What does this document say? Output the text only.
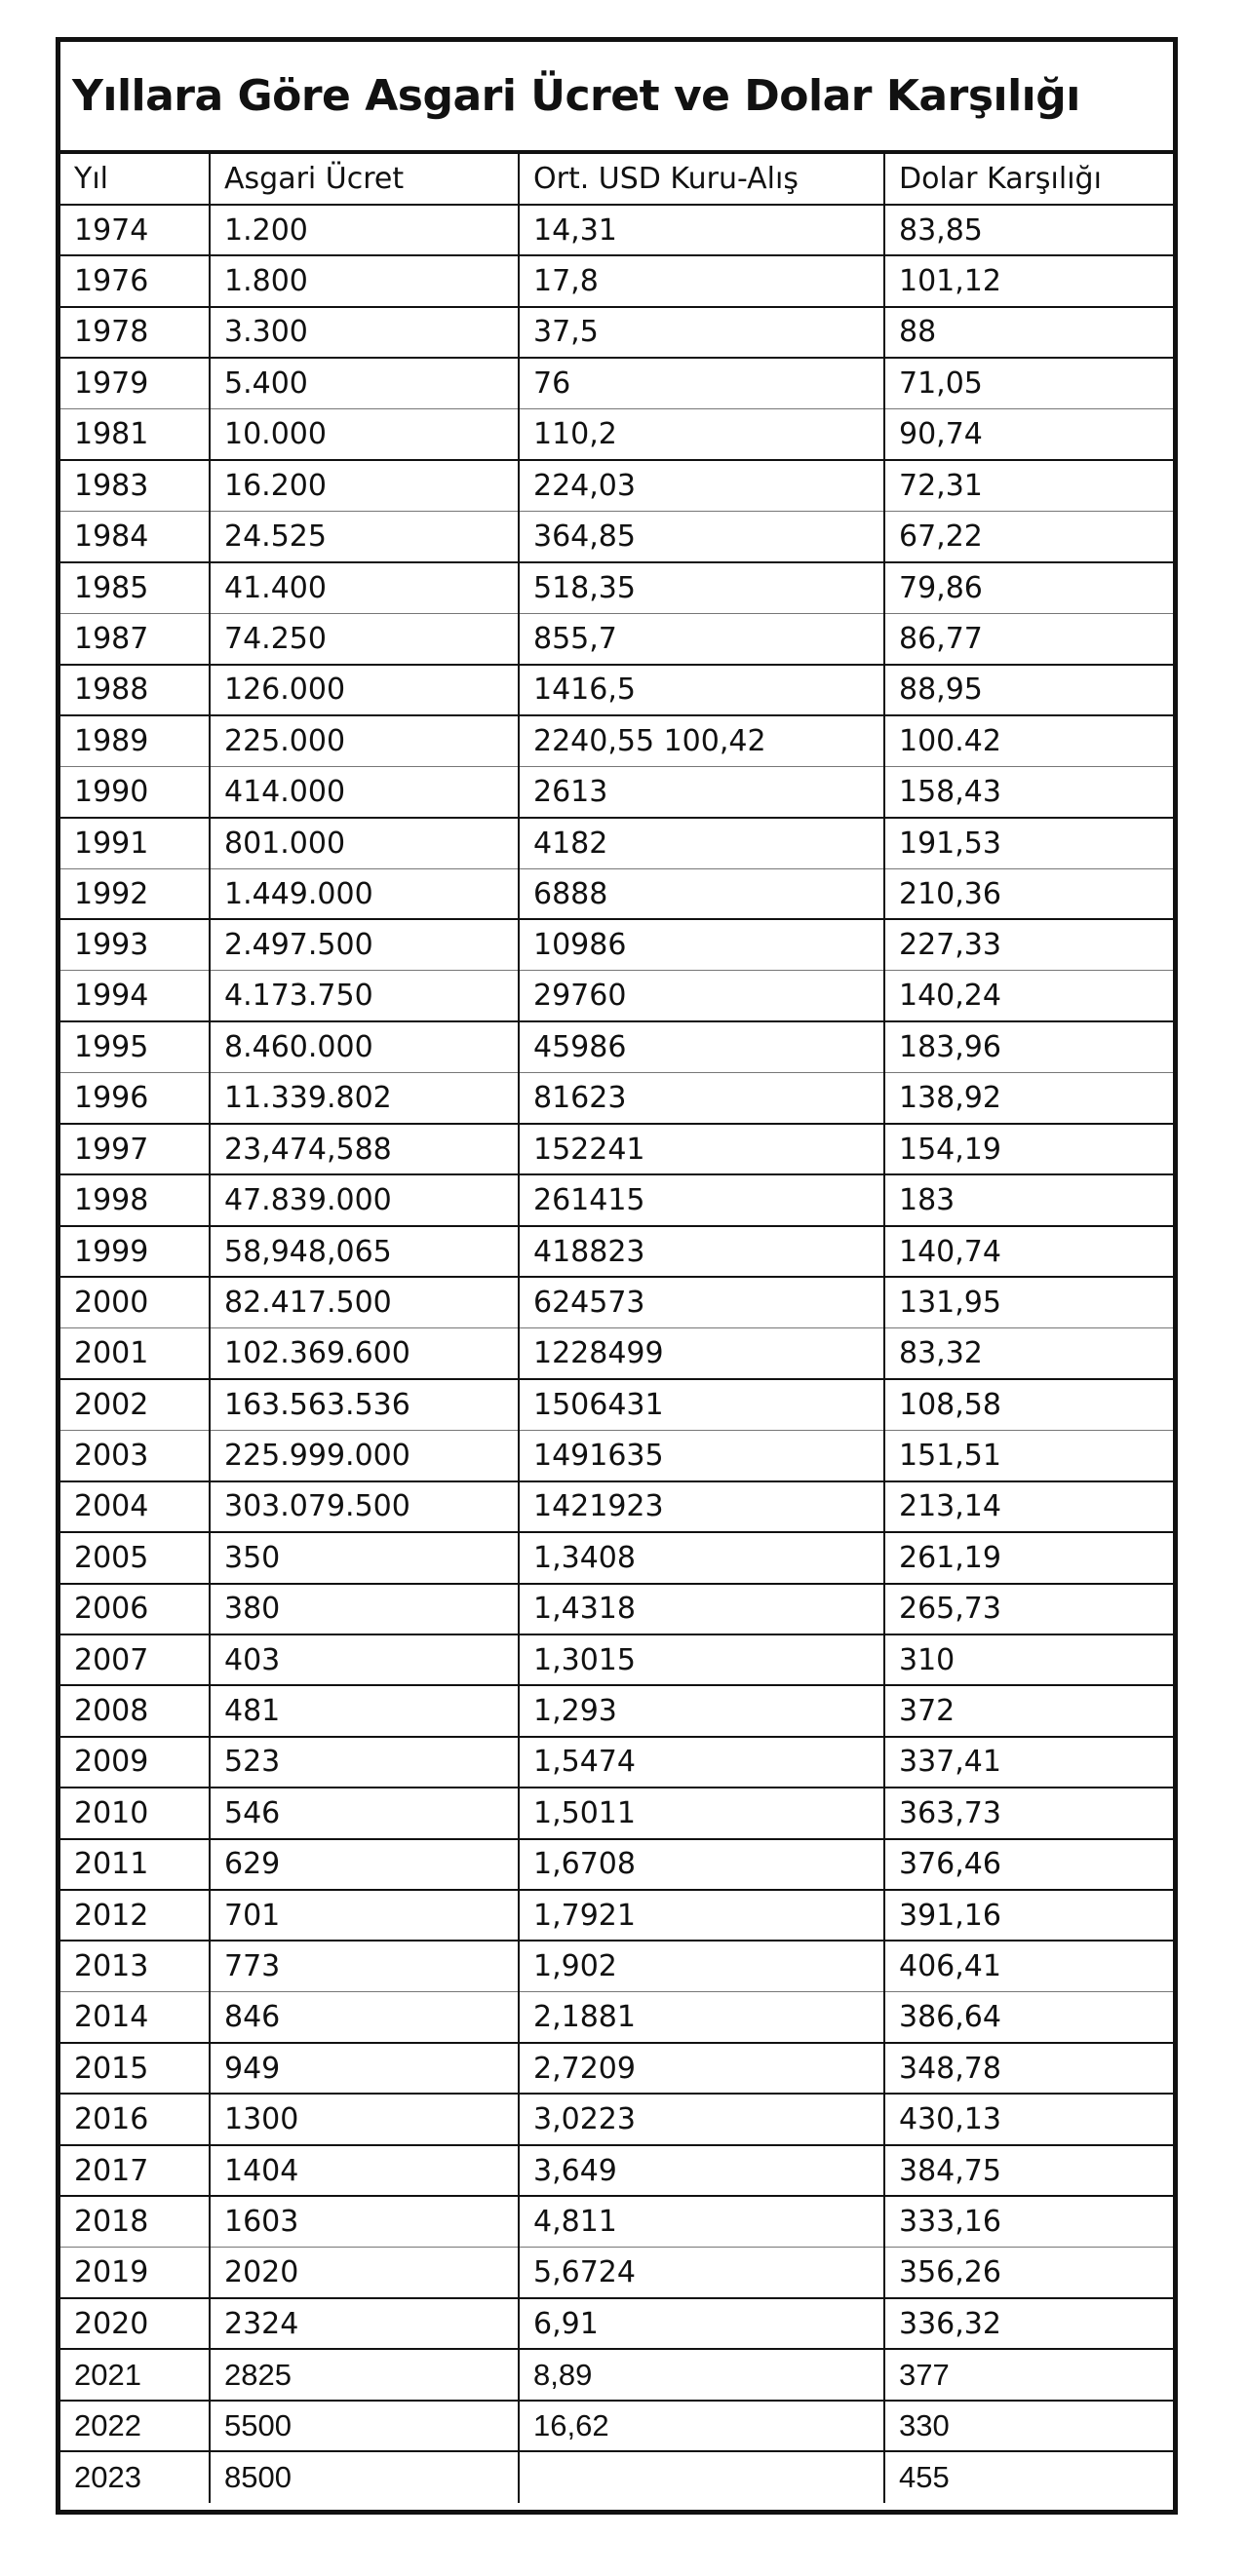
Yıllara Göre Asgari Ücret ve Dolar Karşılığı
Yıl	Asgari Ücret	Ort. USD Kuru-Alış	Dolar Karşılığı
1974	1.200	14,31	83,85
1976	1.800	17,8	101,12
1978	3.300	37,5	88
1979	5.400	76	71,05
1981	10.000	110,2	90,74
1983	16.200	224,03	72,31
1984	24.525	364,85	67,22
1985	41.400	518,35	79,86
1987	74.250	855,7	86,77
1988	126.000	1416,5	88,95
1989	225.000	2240,55 100,42	100.42
1990	414.000	2613	158,43
1991	801.000	4182	191,53
1992	1.449.000	6888	210,36
1993	2.497.500	10986	227,33
1994	4.173.750	29760	140,24
1995	8.460.000	45986	183,96
1996	11.339.802	81623	138,92
1997	23,474,588	152241	154,19
1998	47.839.000	261415	183
1999	58,948,065	418823	140,74
2000	82.417.500	624573	131,95
2001	102.369.600	1228499	83,32
2002	163.563.536	1506431	108,58
2003	225.999.000	1491635	151,51
2004	303.079.500	1421923	213,14
2005	350	1,3408	261,19
2006	380	1,4318	265,73
2007	403	1,3015	310
2008	481	1,293	372
2009	523	1,5474	337,41
2010	546	1,5011	363,73
2011	629	1,6708	376,46
2012	701	1,7921	391,16
2013	773	1,902	406,41
2014	846	2,1881	386,64
2015	949	2,7209	348,78
2016	1300	3,0223	430,13
2017	1404	3,649	384,75
2018	1603	4,811	333,16
2019	2020	5,6724	356,26
2020	2324	6,91	336,32
2021	2825	8,89	377
2022	5500	16,62	330
2023	8500		455
